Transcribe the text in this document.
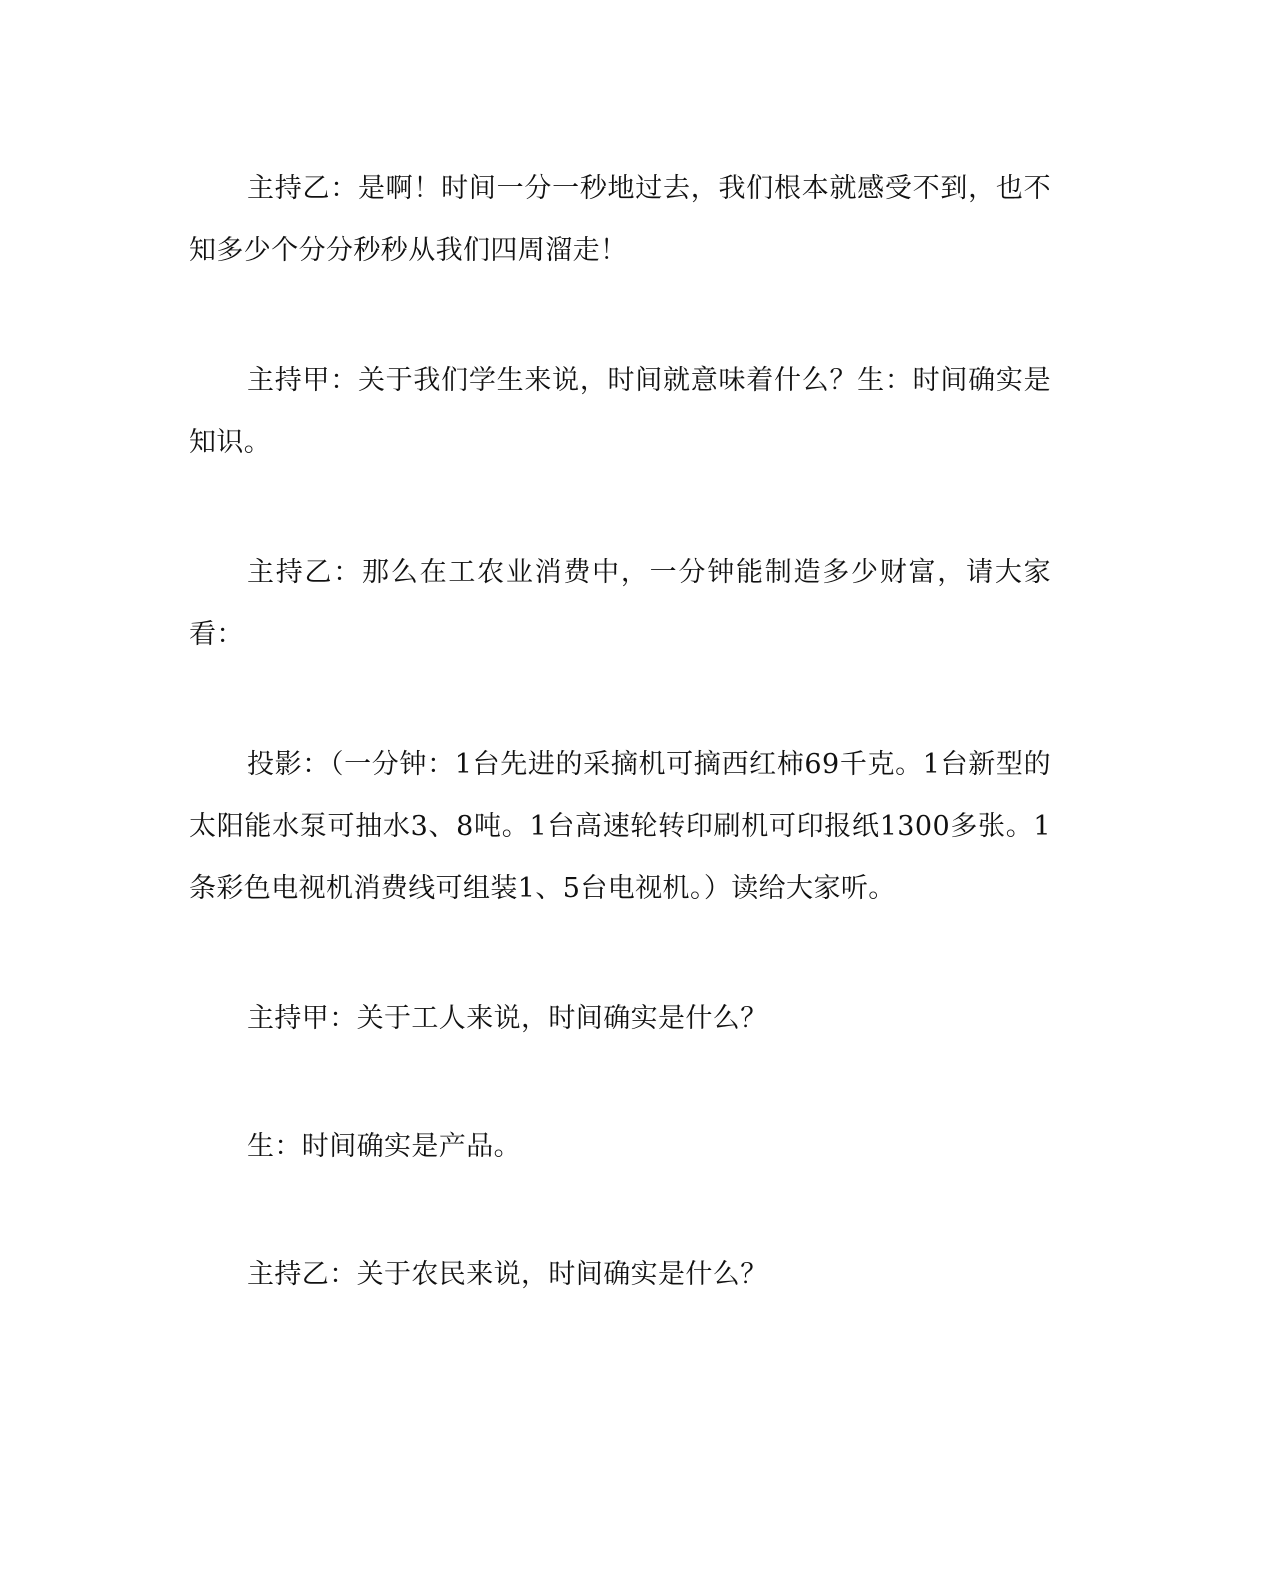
主持乙：是啊！时间一分一秒地过去，我们根本就感受不到，也不知多少个分分秒秒从我们四周溜走！

主持甲：关于我们学生来说，时间就意味着什么？生：时间确实是知识。

主持乙：那么在工农业消费中，一分钟能制造多少财富，请大家看：

投影：（一分钟：1台先进的采摘机可摘西红柿69千克。1台新型的太阳能水泵可抽水3、8吨。1台高速轮转印刷机可印报纸1300多张。1条彩色电视机消费线可组装1、5台电视机。）读给大家听。

主持甲：关于工人来说，时间确实是什么？

生：时间确实是产品。

主持乙：关于农民来说，时间确实是什么？
